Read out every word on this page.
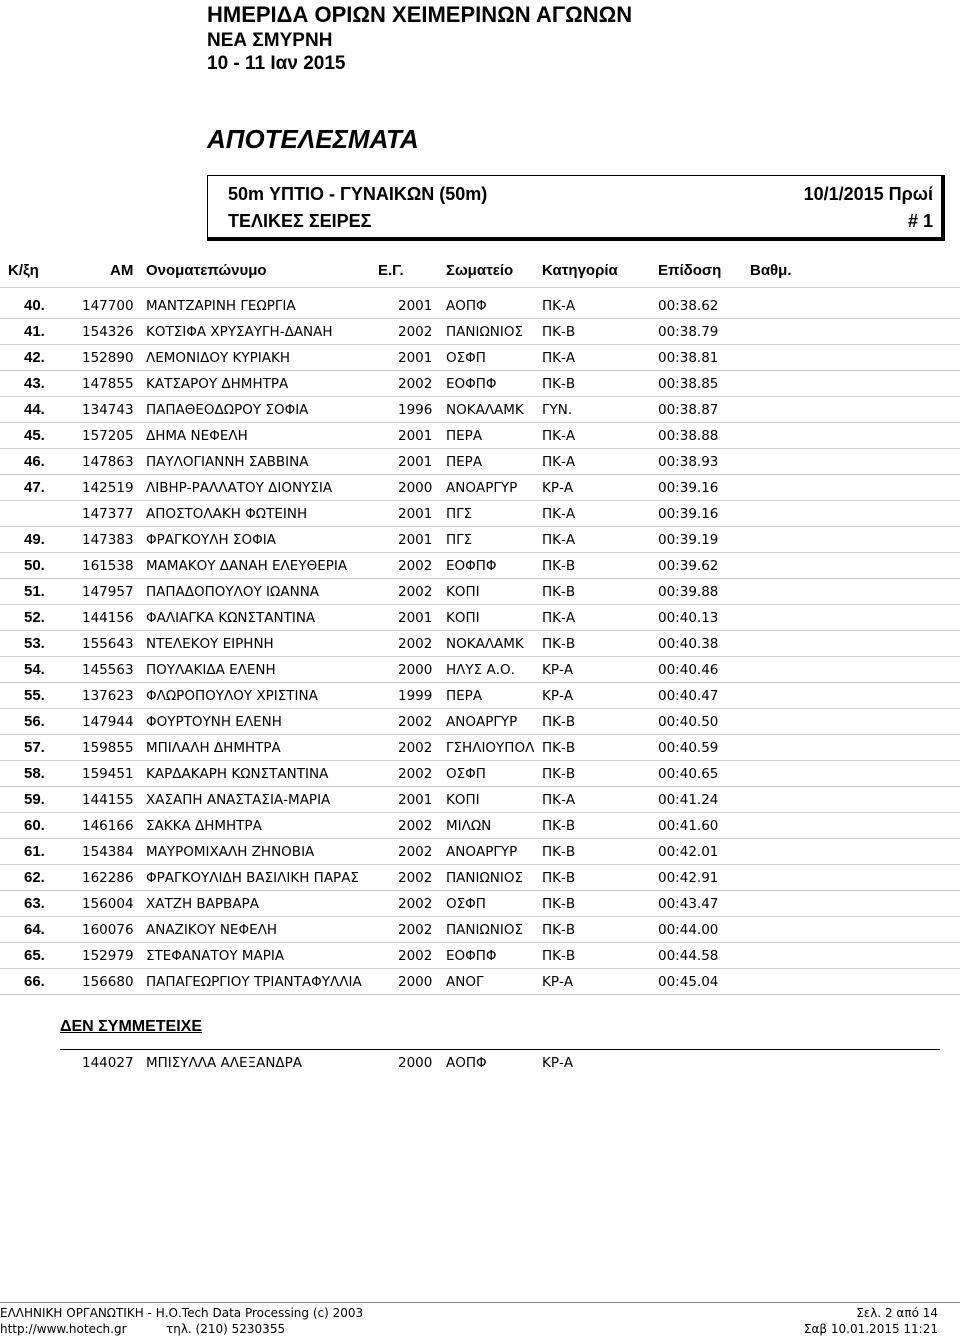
ΗΜΕΡΙΔΑ ΟΡΙΩΝ ΧΕΙΜΕΡΙΝΩΝ ΑΓΩΝΩΝ
ΝΕΑ ΣΜΥΡΝΗ
10 - 11 Ιαν 2015
ΑΠΟΤΕΛΕΣΜΑΤΑ
50m ΥΠΤΙΟ - ΓΥΝΑΙΚΩΝ (50m)
ΤΕΛΙΚΕΣ ΣΕΙΡΕΣ
10/1/2015 Πρωί
# 1
Κ/ξη	ΑΜ Ονοματεπώνυμο	Ε.Γ.	Σωματείο Κατηγορία	Επίδοση Βαθμ.
40.	147700 ΜΑΝΤΖΑΡΙΝΗ ΓΕΩΡΓΙΑ	2001 ΑΟΠΦ	ΠΚ-Α	00:38.62
41.	154326 ΚΟΤΣΙΦΑ ΧΡΥΣΑΥΓΗ-ΔΑΝΑΗ	2002 ΠΑΝΙΩΝΙΟΣ ΠΚ-Β	00:38.79
42.	152890 ΛΕΜΟΝΙΔΟΥ ΚΥΡΙΑΚΗ	2001 ΟΣΦΠ	ΠΚ-Α	00:38.81
43.	147855 ΚΑΤΣΑΡΟΥ ΔΗΜΗΤΡΑ	2002 ΕΟΦΠΦ	ΠΚ-Β	00:38.85
44.	134743 ΠΑΠΑΘΕΟΔΩΡΟΥ ΣΟΦΙΑ	1996 ΝΟΚΑΛΑΜΚ ΓΥΝ.	00:38.87
45.	157205 ΔΗΜΑ ΝΕΦΕΛΗ	2001 ΠΕΡΑ	ΠΚ-Α	00:38.88
46.	147863 ΠΑΥΛΟΓΙΑΝΝΗ ΣΑΒΒΙΝΑ	2001 ΠΕΡΑ	ΠΚ-Α	00:38.93
47.	142519 ΛΙΒΗΡ-ΡΑΛΛΑΤΟΥ ΔΙΟΝΥΣΙΑ	2000 ΑΝΟΑΡΓΥΡ ΚΡ-Α	00:39.16
147377 ΑΠΟΣΤΟΛΑΚΗ ΦΩΤΕΙΝΗ	2001 ΠΓΣ	ΠΚ-Α	00:39.16
49.	147383 ΦΡΑΓΚΟΥΛΗ ΣΟΦΙΑ	2001 ΠΓΣ	ΠΚ-Α	00:39.19
50.	161538 ΜΑΜΑΚΟΥ ΔΑΝΑΗ ΕΛΕΥΘΕΡΙΑ	2002 ΕΟΦΠΦ	ΠΚ-Β	00:39.62
51.	147957 ΠΑΠΑΔΟΠΟΥΛΟΥ ΙΩΑΝΝΑ	2002 ΚΟΠΙ	ΠΚ-Β	00:39.88
52.	144156 ΦΑΛΙΑΓΚΑ ΚΩΝΣΤΑΝΤΙΝΑ	2001 ΚΟΠΙ	ΠΚ-Α	00:40.13
53.	155643 ΝΤΕΛΕΚΟΥ ΕΙΡΗΝΗ	2002 ΝΟΚΑΛΑΜΚ ΠΚ-Β	00:40.38
54.	145563 ΠΟΥΛΑΚΙΔΑ ΕΛΕΝΗ	2000 ΗΛΥΣ Α.Ο. ΚΡ-Α	00:40.46
55.	137623 ΦΛΩΡΟΠΟΥΛΟΥ ΧΡΙΣΤΙΝΑ	1999 ΠΕΡΑ	ΚΡ-Α	00:40.47
56.	147944 ΦΟΥΡΤΟΥΝΗ ΕΛΕΝΗ	2002 ΑΝΟΑΡΓΥΡ ΠΚ-Β	00:40.50
57.	159855 ΜΠΙΛΑΛΗ ΔΗΜΗΤΡΑ	2002 ΓΣΗΛΙΟΥΠΟΛ ΠΚ-Β	00:40.59
58.	159451 ΚΑΡΔΑΚΑΡΗ ΚΩΝΣΤΑΝΤΙΝΑ	2002 ΟΣΦΠ	ΠΚ-Β	00:40.65
59.	144155 ΧΑΣΑΠΗ ΑΝΑΣΤΑΣΙΑ-ΜΑΡΙΑ	2001 ΚΟΠΙ	ΠΚ-Α	00:41.24
60.	146166 ΣΑΚΚΑ ΔΗΜΗΤΡΑ	2002 ΜΙΛΩΝ	ΠΚ-Β	00:41.60
61.	154384 ΜΑΥΡΟΜΙΧΑΛΗ ΖΗΝΟΒΙΑ	2002 ΑΝΟΑΡΓΥΡ ΠΚ-Β	00:42.01
62.	162286 ΦΡΑΓΚΟΥΛΙΔΗ ΒΑΣΙΛΙΚΗ ΠΑΡΑΣ	2002 ΠΑΝΙΩΝΙΟΣ ΠΚ-Β	00:42.91
63.	156004 ΧΑΤΖΗ ΒΑΡΒΑΡΑ	2002 ΟΣΦΠ	ΠΚ-Β	00:43.47
64.	160076 ΑΝΑΖΙΚΟΥ ΝΕΦΕΛΗ	2002 ΠΑΝΙΩΝΙΟΣ ΠΚ-Β	00:44.00
65.	152979 ΣΤΕΦΑΝΑΤΟΥ ΜΑΡΙΑ	2002 ΕΟΦΠΦ	ΠΚ-Β	00:44.58
66.	156680 ΠΑΠΑΓΕΩΡΓΙΟΥ ΤΡΙΑΝΤΑΦΥΛΛΙΑ	2000 ΑΝΟΓ	ΚΡ-Α	00:45.04
ΔΕΝ ΣΥΜΜΕΤΕΙΧΕ
144027 ΜΠΙΣΥΛΛΑ ΑΛΕΞΑΝΔΡΑ	2000 ΑΟΠΦ	ΚΡ-Α
ΕΛΛΗΝΙΚΗ ΟΡΓΑΝΩΤΙΚΗ - Η.Ο.Tech Data Processing (c) 2003
http://www.hotech.gr	τηλ. (210) 5230355
Σελ. 2 από 14
Σαβ 10.01.2015 11:21
